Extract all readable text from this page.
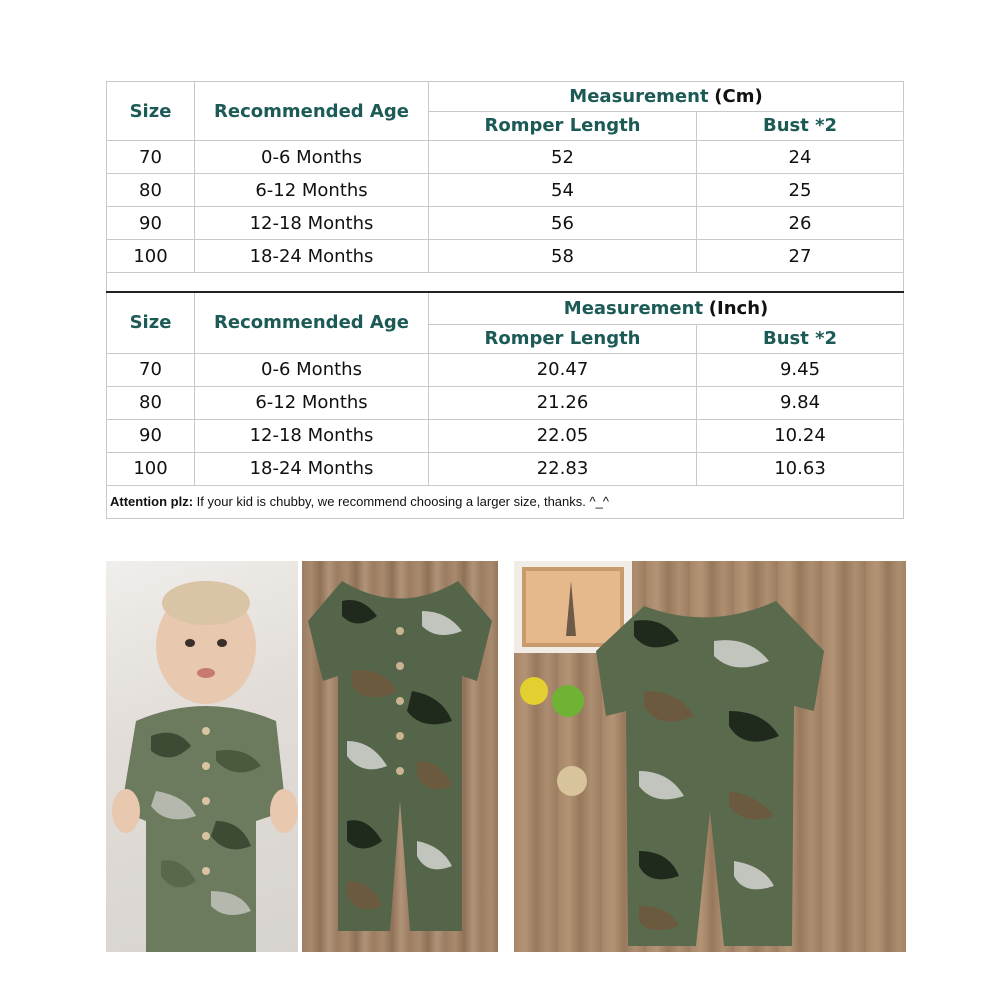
Size	Recommended Age	Measurement (Cm)	
		Romper Length	Bust *2
70	0-6 Months	52	24
80	6-12 Months	54	25
90	12-18 Months	56	26
100	18-24 Months	58	27

Size	Recommended Age	Measurement (Inch)	
		Romper Length	Bust *2
70	0-6 Months	20.47	9.45
80	6-12 Months	21.26	9.84
90	12-18 Months	22.05	10.24
100	18-24 Months	22.83	10.63
Attention plz: If your kid is chubby, we recommend choosing a larger size, thanks. ^_^			
